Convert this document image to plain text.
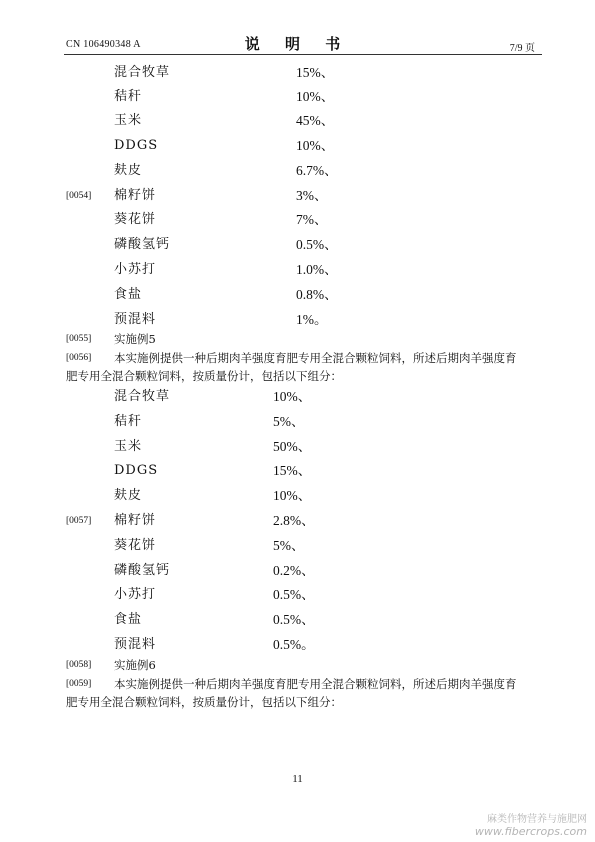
CN 106490348 A	说 明 书	7/9 页
混合牧草	15%、
秸秆	10%、
玉米	45%、
DDGS	10%、
麸皮	6.7%、
[0054] 棉籽饼	3%、
葵花饼	7%、
磷酸氢钙	0.5%、
小苏打	1.0%、
食盐	0.8%、
预混料	1%。
[0055] 实施例5
[0056] 本实施例提供一种后期肉羊强度育肥专用全混合颗粒饲料，所述后期肉羊强度育
肥专用全混合颗粒饲料，按质量份计，包括以下组分：
混合牧草	10%、
秸秆	5%、
玉米	50%、
DDGS	15%、
麸皮	10%、
[0057] 棉籽饼	2.8%、
葵花饼	5%、
磷酸氢钙	0.2%、
小苏打	0.5%、
食盐	0.5%、
预混料	0.5%。
[0058] 实施例6
[0059] 本实施例提供一种后期肉羊强度育肥专用全混合颗粒饲料，所述后期肉羊强度育
肥专用全混合颗粒饲料，按质量份计，包括以下组分：
11
麻类作物营养与施肥网
www.fibercrops.com
